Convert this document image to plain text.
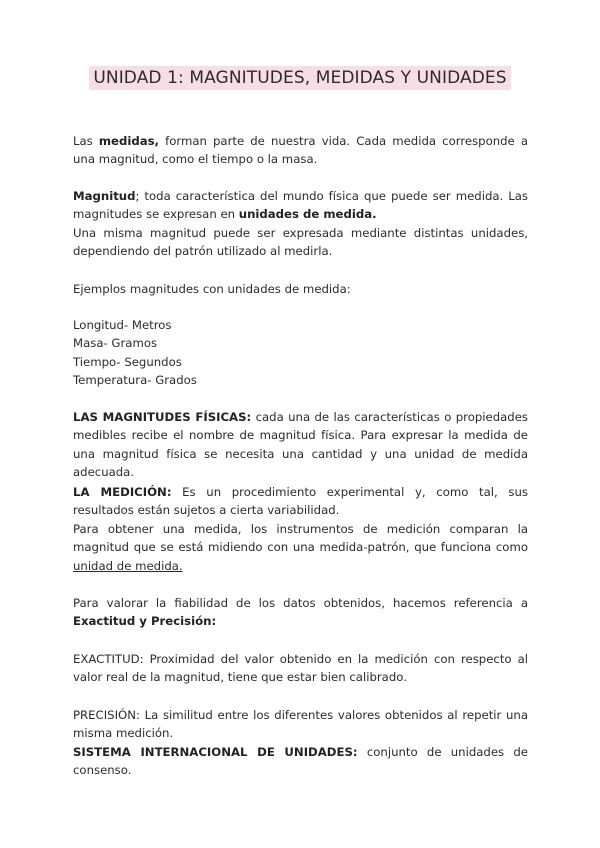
UNIDAD 1: MAGNITUDES, MEDIDAS Y UNIDADES

Las medidas, forman parte de nuestra vida. Cada medida corresponde a una magnitud, como el tiempo o la masa.

Magnitud; toda característica del mundo física que puede ser medida. Las magnitudes se expresan en unidades de medida.
Una misma magnitud puede ser expresada mediante distintas unidades, dependiendo del patrón utilizado al medirla.

Ejemplos magnitudes con unidades de medida:

Longitud- Metros
Masa- Gramos
Tiempo- Segundos
Temperatura- Grados

LAS MAGNITUDES FÍSICAS: cada una de las características o propiedades medibles recibe el nombre de magnitud física. Para expresar la medida de una magnitud física se necesita una cantidad y una unidad de medida adecuada.

LA MEDICIÓN: Es un procedimiento experimental y, como tal, sus resultados están sujetos a cierta variabilidad.
Para obtener una medida, los instrumentos de medición comparan la magnitud que se está midiendo con una medida-patrón, que funciona como unidad de medida.

Para valorar la fiabilidad de los datos obtenidos, hacemos referencia a Exactitud y Precisión:

EXACTITUD: Proximidad del valor obtenido en la medición con respecto al valor real de la magnitud, tiene que estar bien calibrado.

PRECISIÓN: La similitud entre los diferentes valores obtenidos al repetir una misma medición.
SISTEMA INTERNACIONAL DE UNIDADES: conjunto de unidades de consenso.
